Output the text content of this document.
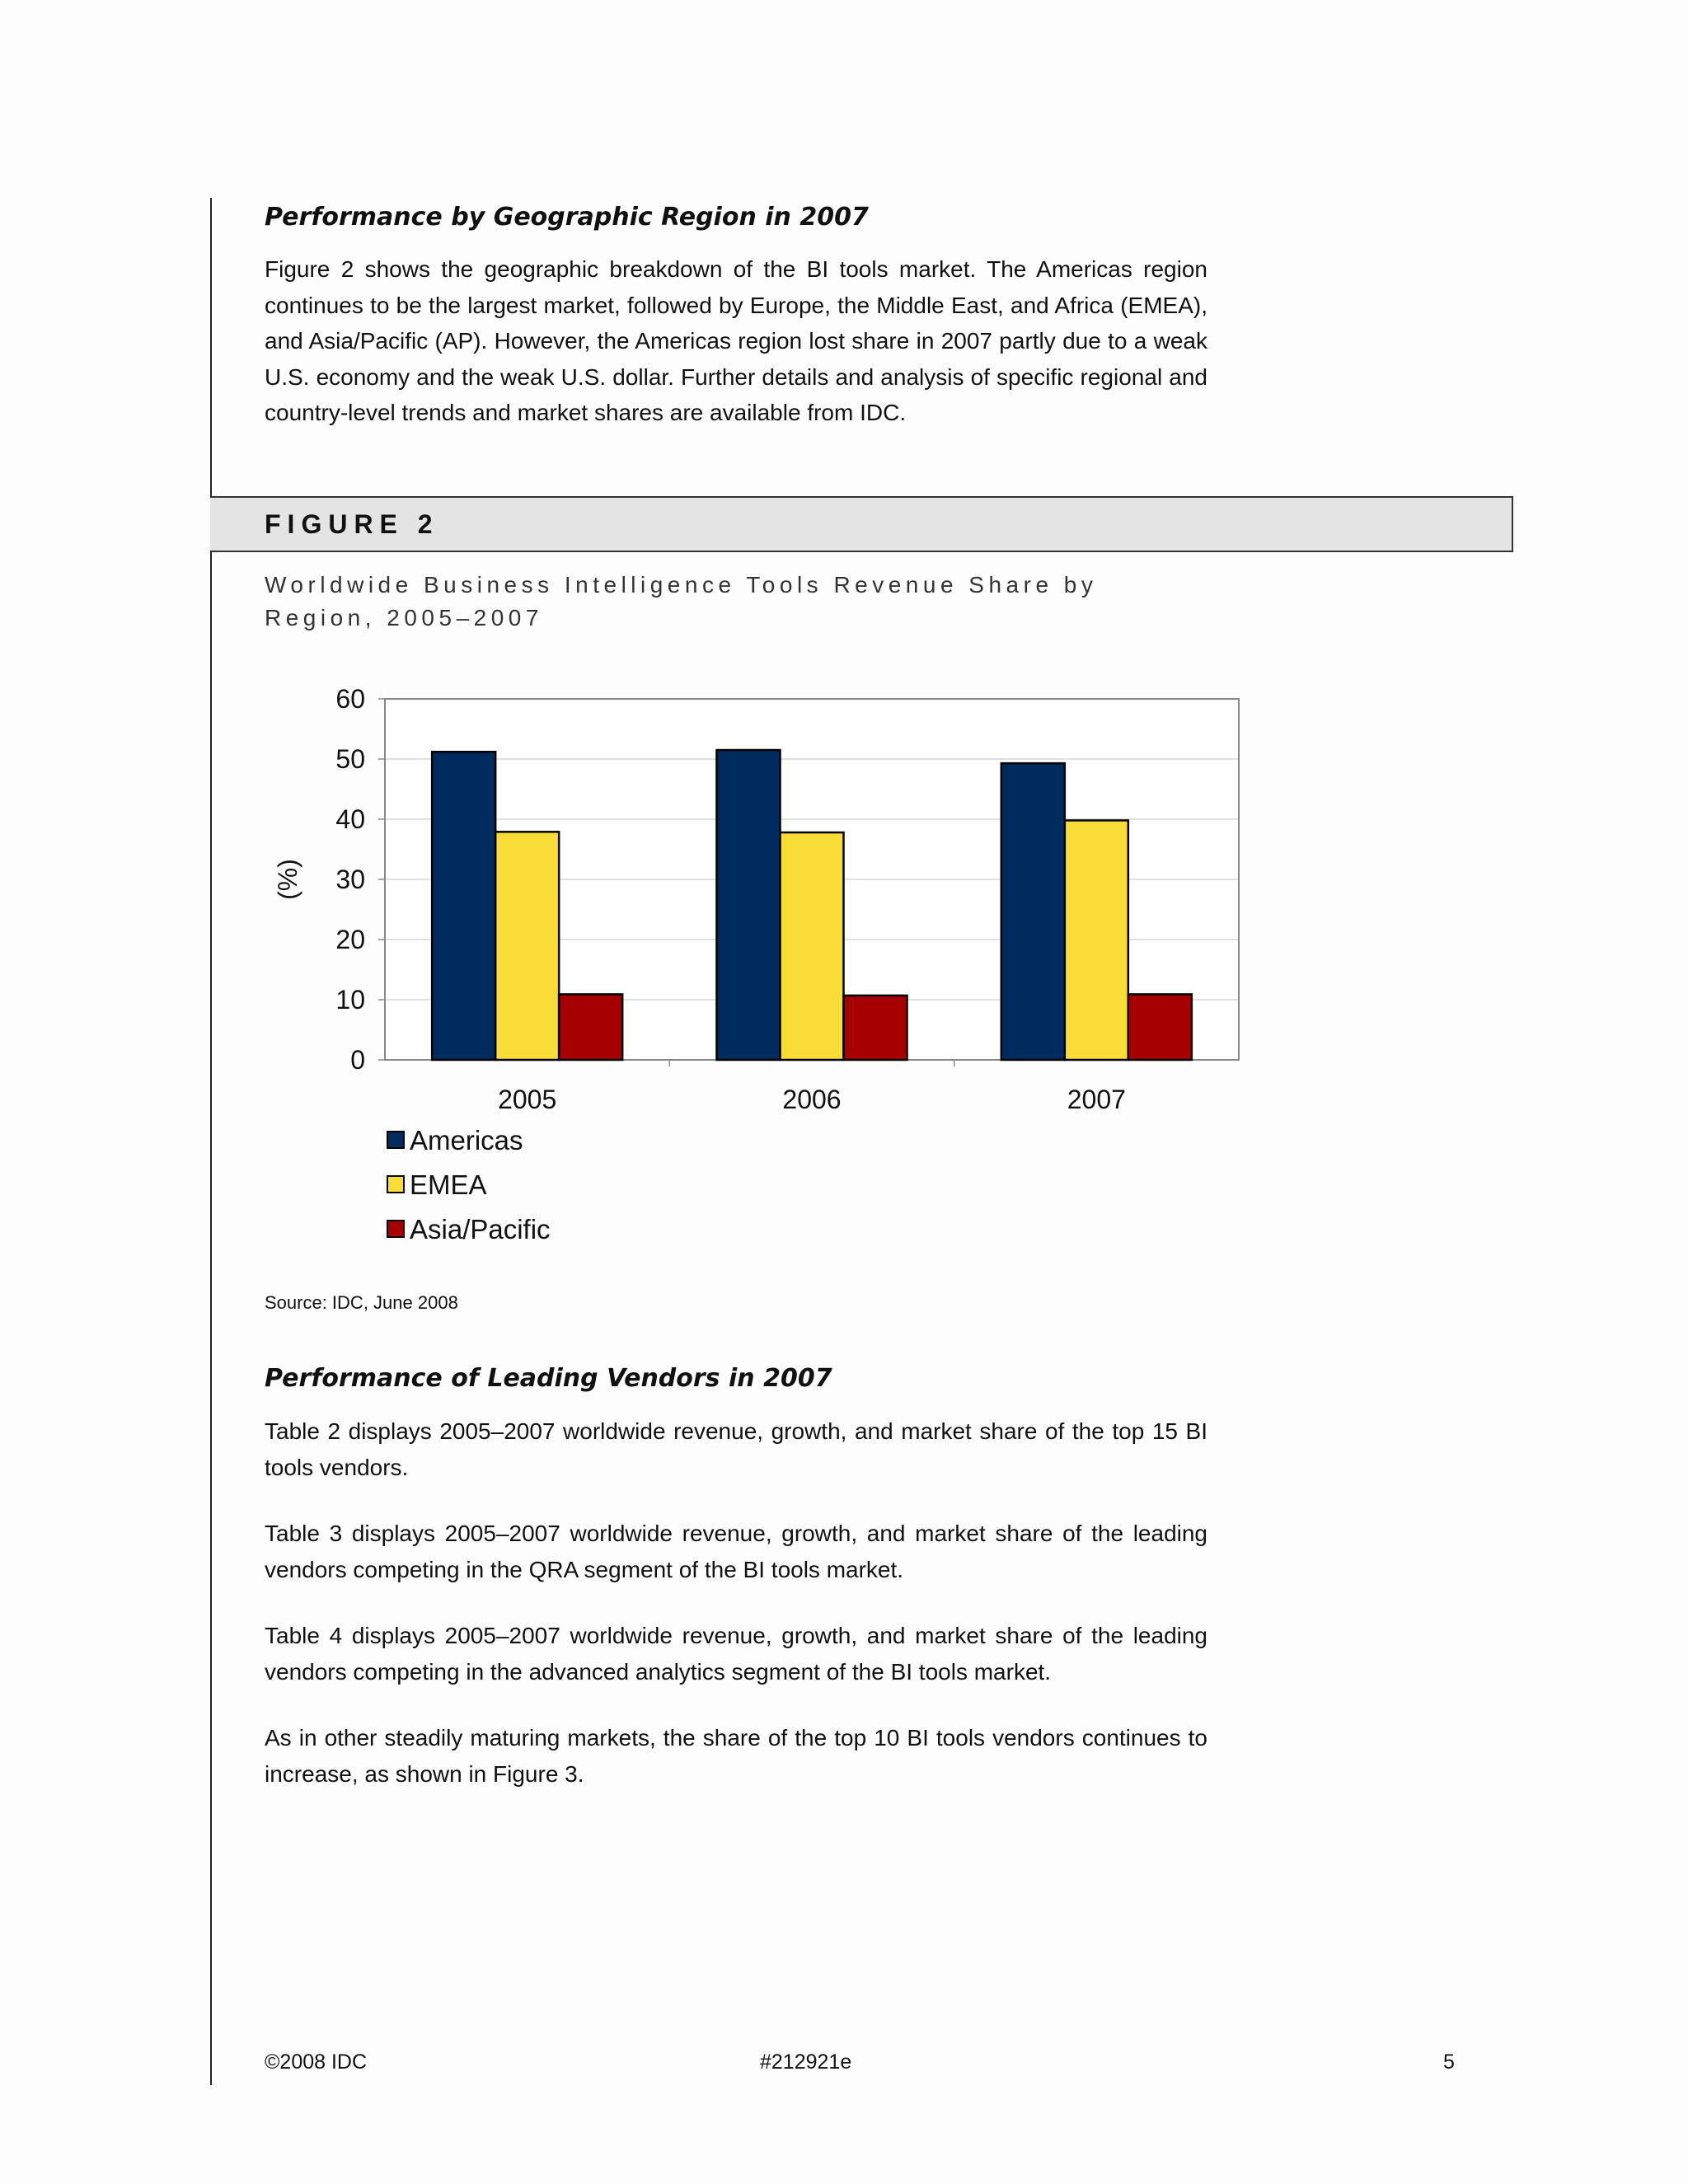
Performance by Geographic Region in 2007

Figure 2 shows the geographic breakdown of the BI tools market. The Americas region continues to be the largest market, followed by Europe, the Middle East, and Africa (EMEA), and Asia/Pacific (AP). However, the Americas region lost share in 2007 partly due to a weak U.S. economy and the weak U.S. dollar. Further details and analysis of specific regional and country-level trends and market shares are available from IDC.

FIGURE 2

Worldwide Business Intelligence Tools Revenue Share by
Region, 2005–2007

0
10
20
30
40
50
60
2005	2006	2007
(%)
Americas
EMEA
Asia/Pacific

Source: IDC, June 2008

Performance of Leading Vendors in 2007

Table 2 displays 2005–2007 worldwide revenue, growth, and market share of the top 15 BI tools vendors.

Table 3 displays 2005–2007 worldwide revenue, growth, and market share of the leading vendors competing in the QRA segment of the BI tools market.

Table 4 displays 2005–2007 worldwide revenue, growth, and market share of the leading vendors competing in the advanced analytics segment of the BI tools market.

As in other steadily maturing markets, the share of the top 10 BI tools vendors continues to increase, as shown in Figure 3.

©2008 IDC	#212921e	5
